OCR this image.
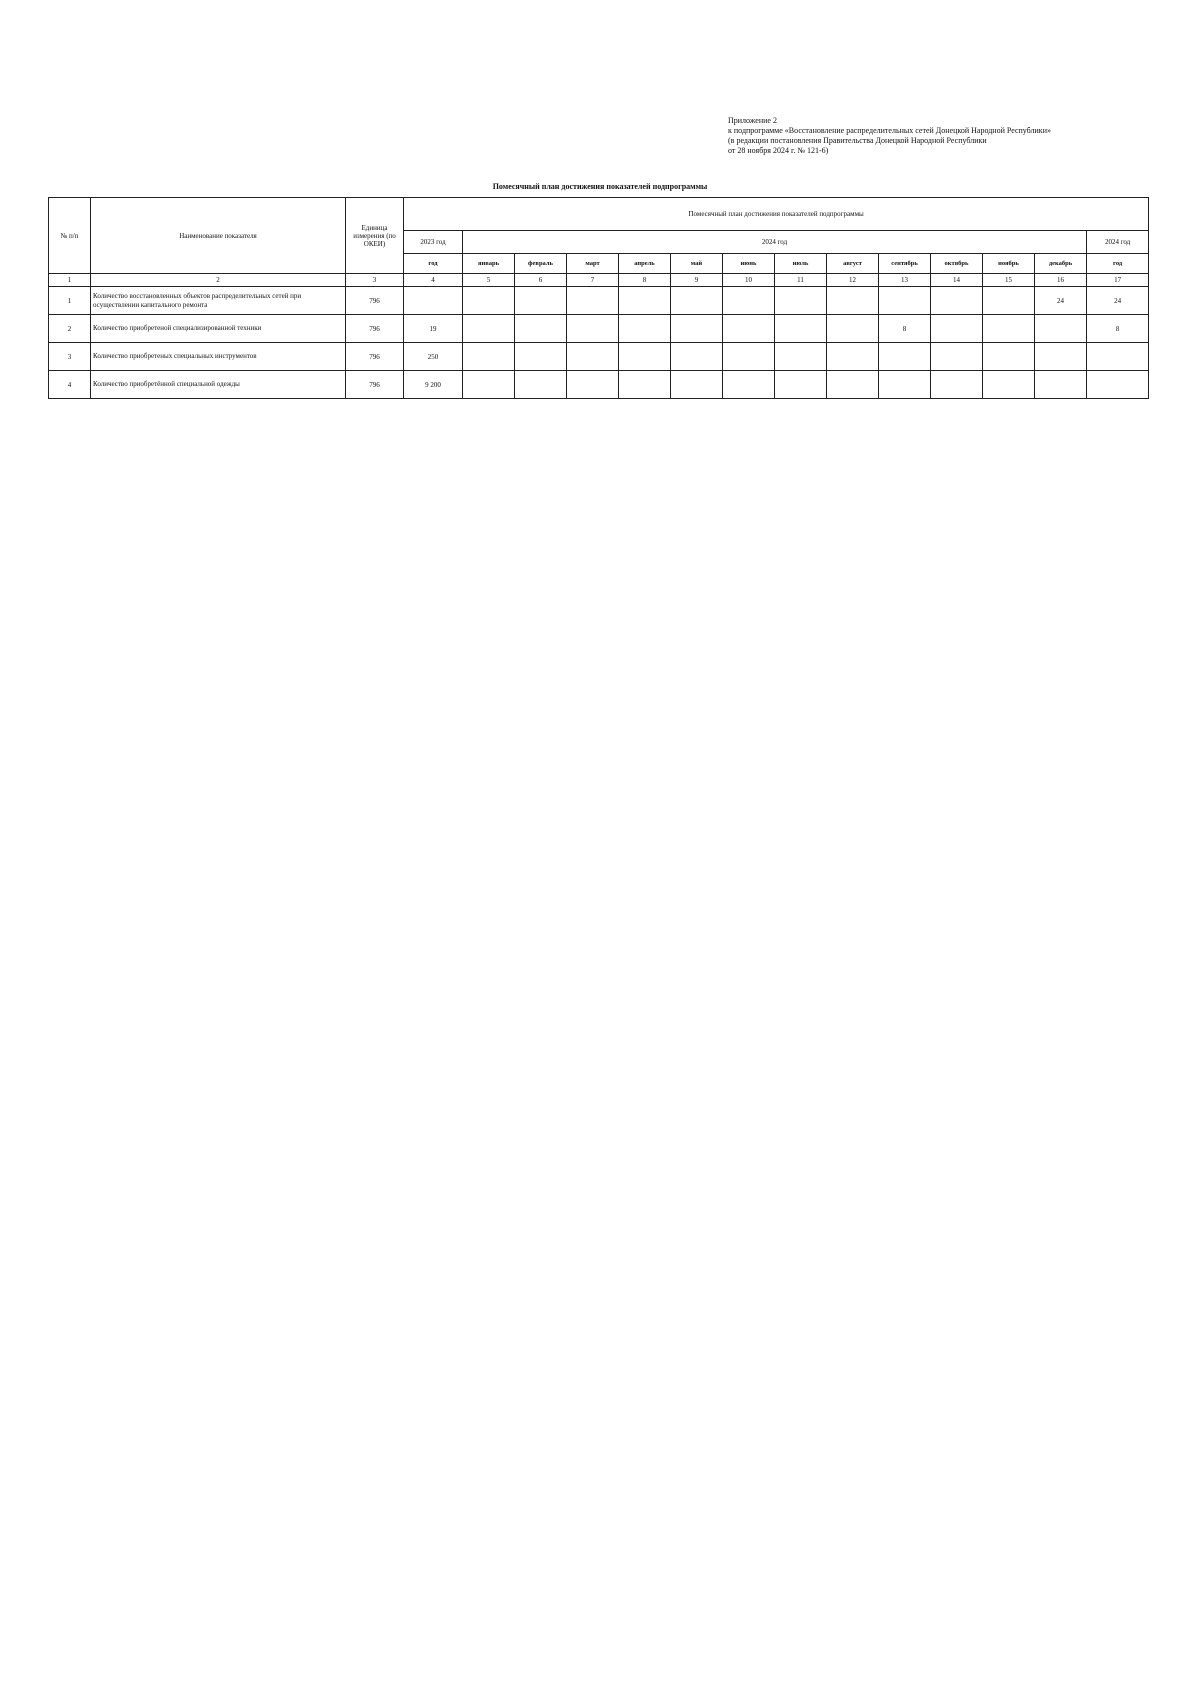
Приложение 2
к подпрограмме «Восстановление распределительных сетей Донецкой Народной Республики»
(в редакции постановления Правительства Донецкой Народной Республики
от 28 ноября 2024 г. № 121-6)
Помесячный план достижения показателей подпрограммы
№ п/п	Наименование показателя	Единица измерения (по ОКЕИ)	Помесячный план достижения показателей подпрограммы													
			2023 год	2024 год												2024 год
			год	январь	февраль	март	апрель	май	июнь	июль	август	сентябрь	октябрь	ноябрь	декабрь	год
1	2	3	4	5	6	7	8	9	10	11	12	13	14	15	16	17
1	Количество восстановленных объектов распределительных сетей при осуществлении капитального ремонта	796													24	24
2	Количество приобретеной специализированной техники	796	19									8				8
3	Количество приобретеных специальных инструментов	796	250													
4	Количество приобретённой специальной одежды	796	9 200													
